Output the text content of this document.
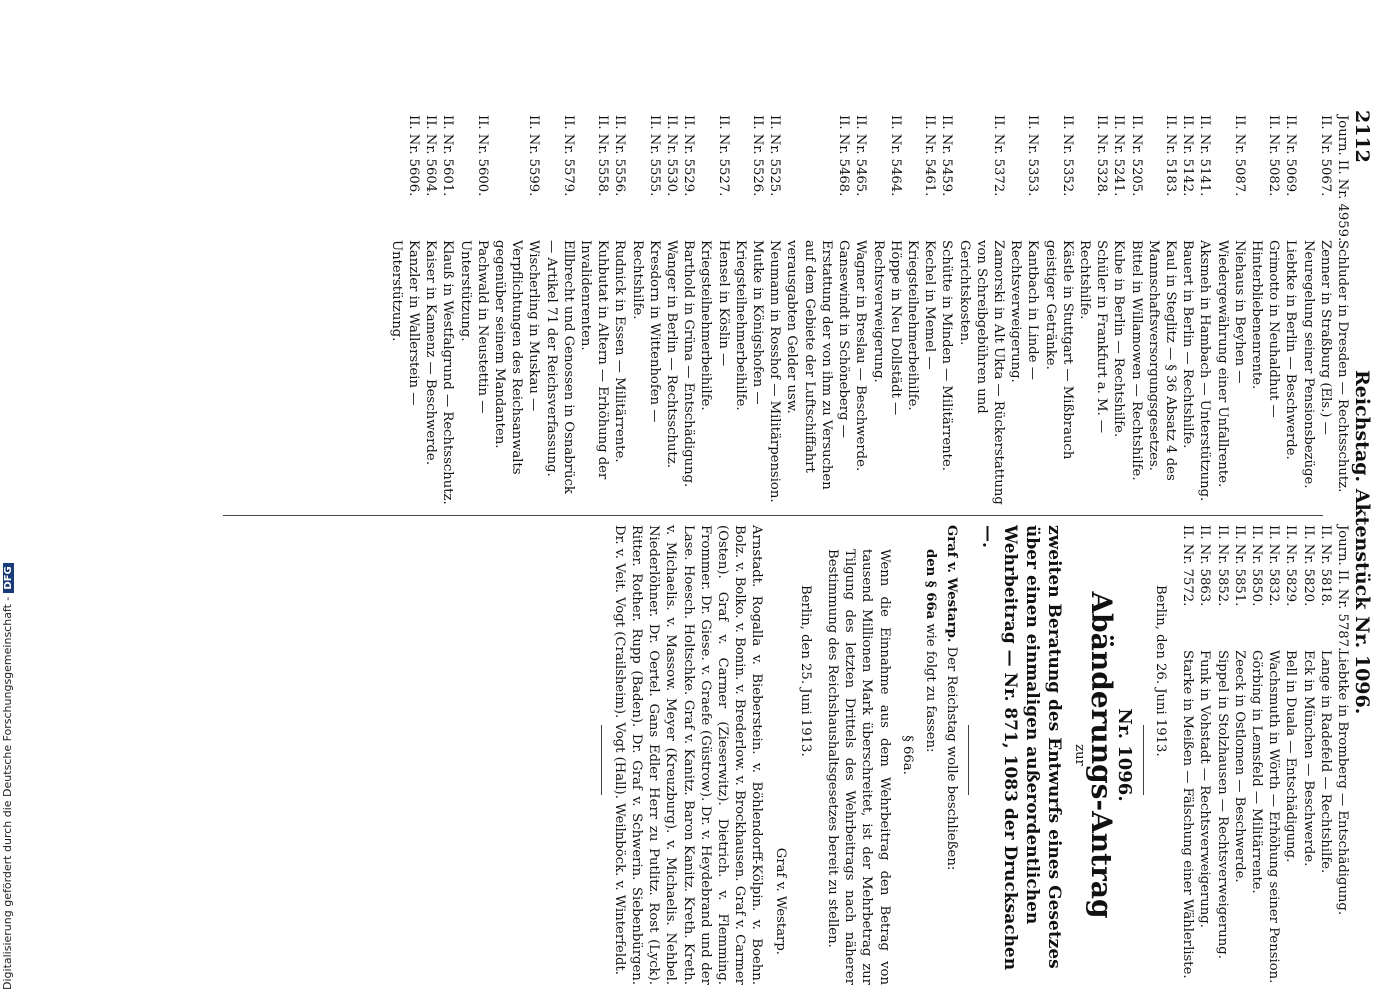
2112
Reichstag. Aktenstück Nr. 1096.
Journ. II. Nr. 4959.
Schluder in Dresden — Rechtsschutz.
II. Nr. 5067.
Zenner in Straßburg (Els.) — Neuregelung seiner Pensionsbezüge.
II. Nr. 5069.
Liebtke in Berlin — Beschwerde.
II. Nr. 5082.
Grimotto in Neuhaldhut — Hinterbliebenenrente.
II. Nr. 5087.
Niehaus in Beyhen — Wiedergewährung einer Unfallrente.
II. Nr. 5141.
Aksmeh in Hambach — Unterstützung.
II. Nr. 5142.
Bauert in Berlin — Rechtshilfe.
II. Nr. 5183.
Kaul in Steglitz — § 36 Absatz 4 des Mannschaftsversorgungsgesetzes.
II. Nr. 5205.
Bittel in Willamowen — Rechtshilfe.
II. Nr. 5241.
Kube in Berlin — Rechtshilfe.
II. Nr. 5328.
Schüler in Frankfurt a. M. — Rechtshilfe.
II. Nr. 5352.
Kästle in Stuttgart — Mißbrauch geistiger Getränke.
II. Nr. 5353.
Kantbach in Linde — Rechtsverweigerung.
II. Nr. 5372.
Zamorski in Alt Ukta — Rückerstattung von Schreibgebühren und Gerichtskosten.
II. Nr. 5459.
Schütte in Minden — Militärrente.
II. Nr. 5461.
Kechel in Memel — Kriegsteilnehmerbeihilfe.
II. Nr. 5464.
Höppe in Neu Dollstädt — Rechtsverweigerung.
II. Nr. 5465.
Wagner in Breslau — Beschwerde.
II. Nr. 5468.
Gansewindt in Schöneberg — Erstattung der von ihm zu Versuchen auf dem Gebiete der Luftschiffahrt verausgabten Gelder usw.
II. Nr. 5525.
Neumann in Rosshof — Militärpension.
II. Nr. 5526.
Mutke in Königshofen — Kriegsteilnehmerbeihilfe.
II. Nr. 5527.
Hensel in Köslin — Kriegsteilnehmerbeihilfe.
II. Nr. 5529.
Barthold in Grüna — Entschädigung.
II. Nr. 5530.
Wanger in Berlin — Rechtsschutz.
II. Nr. 5555.
Kresdorn in Wittenhofen — Rechtshilfe.
II. Nr. 5556.
Rudnick in Essen — Militärrente.
II. Nr. 5558.
Kuhbutat in Altern — Erhöhung der Invalidenrenten.
II. Nr. 5579.
Ellbrecht und Genossen in Osnabrück — Artikel 71 der Reichsverfassung.
II. Nr. 5599.
Wischerling in Muskau — Verpflichtungen des Reichsanwalts gegenüber seinem Mandanten.
II. Nr. 5600.
Pachwald in Neustettin — Unterstützung.
II. Nr. 5601.
Klauß in Westfalgrund — Rechtsschutz.
II. Nr. 5604.
Kaiser in Kamenz — Beschwerde.
II. Nr. 5606.
Kanzler in Wallerstein — Unterstützung.
Journ. II. Nr. 5787.
Liebtke in Bromberg — Entschädigung.
II. Nr. 5818.
Lange in Radefeld — Rechtshilfe.
II. Nr. 5820.
Eck in München — Beschwerde.
II. Nr. 5829.
Bell in Duala — Entschädigung.
II. Nr. 5832.
Wachsmuth in Wörth — Erhöhung seiner Pension.
II. Nr. 5850.
Görbing in Lemsfeld — Militärrente.
II. Nr. 5851.
Zeeck in Ostlomen — Beschwerde.
II. Nr. 5852.
Sippel in Stolzhausen — Rechtsverweigerung.
II. Nr. 5863.
Funk in Vohstadt — Rechtsverweigerung.
II. Nr. 7572.
Starke in Meißen — Fälschung einer Wählerliste.
Berlin, den 26. Juni 1913.
Nr. 1096.
Abänderungs-Antrag
zur
zweiten Beratung des Entwurfs eines Gesetzes über einen einmaligen außerordentlichen Wehrbeitrag — Nr. 871, 1083 der Drucksachen —.
Graf v. Westarp. Der Reichstag wolle beschließen:
den § 66a wie folgt zu fassen:
§ 66a.
Wenn die Einnahme aus dem Wehrbeitrag den Betrag von tausend Millionen Mark überschreitet, ist der Mehrbetrag zur Tilgung des letzten Drittels des Wehrbeitrags nach näherer Bestimmung des Reichshaushaltsgesetzes bereit zu stellen.
Berlin, den 25. Juni 1913.
Graf v. Westarp.
Arnstadt. Rogalla v. Bieberstein. v. Böhlendorff-Kölpin. v. Boehn. Bolz. v. Bolko. v. Bonin. v. Brederlow. v. Brockhausen. Graf v. Carmer (Osten). Graf v. Carmer (Zieserwitz). Dietrich. v. Flemming. Frommer. Dr. Giese. v. Graefe (Güstrow). Dr. v. Heydebrand und der Lase. Hoesch. Holtschke. Graf v. Kanitz. Baron Kanitz. Kreth. Kreth. v. Michaelis. v. Massow. Meyer (Kreuzburg). v. Michaelis. Nehbel. Niederlöhner. Dr. Oertel. Gans Edler Herr zu Putlitz. Rost (Lyck). Ritter. Rother. Rupp (Baden). Dr. Graf v. Schwerin. Siebenbürgen. Dr. v. Veit. Vogt (Crailsheim). Vogt (Hall). Weilnböck. v. Winterfeldt.
Digitalisierung gefördert durch die Deutsche Forschungsgemeinschaft -DFG
